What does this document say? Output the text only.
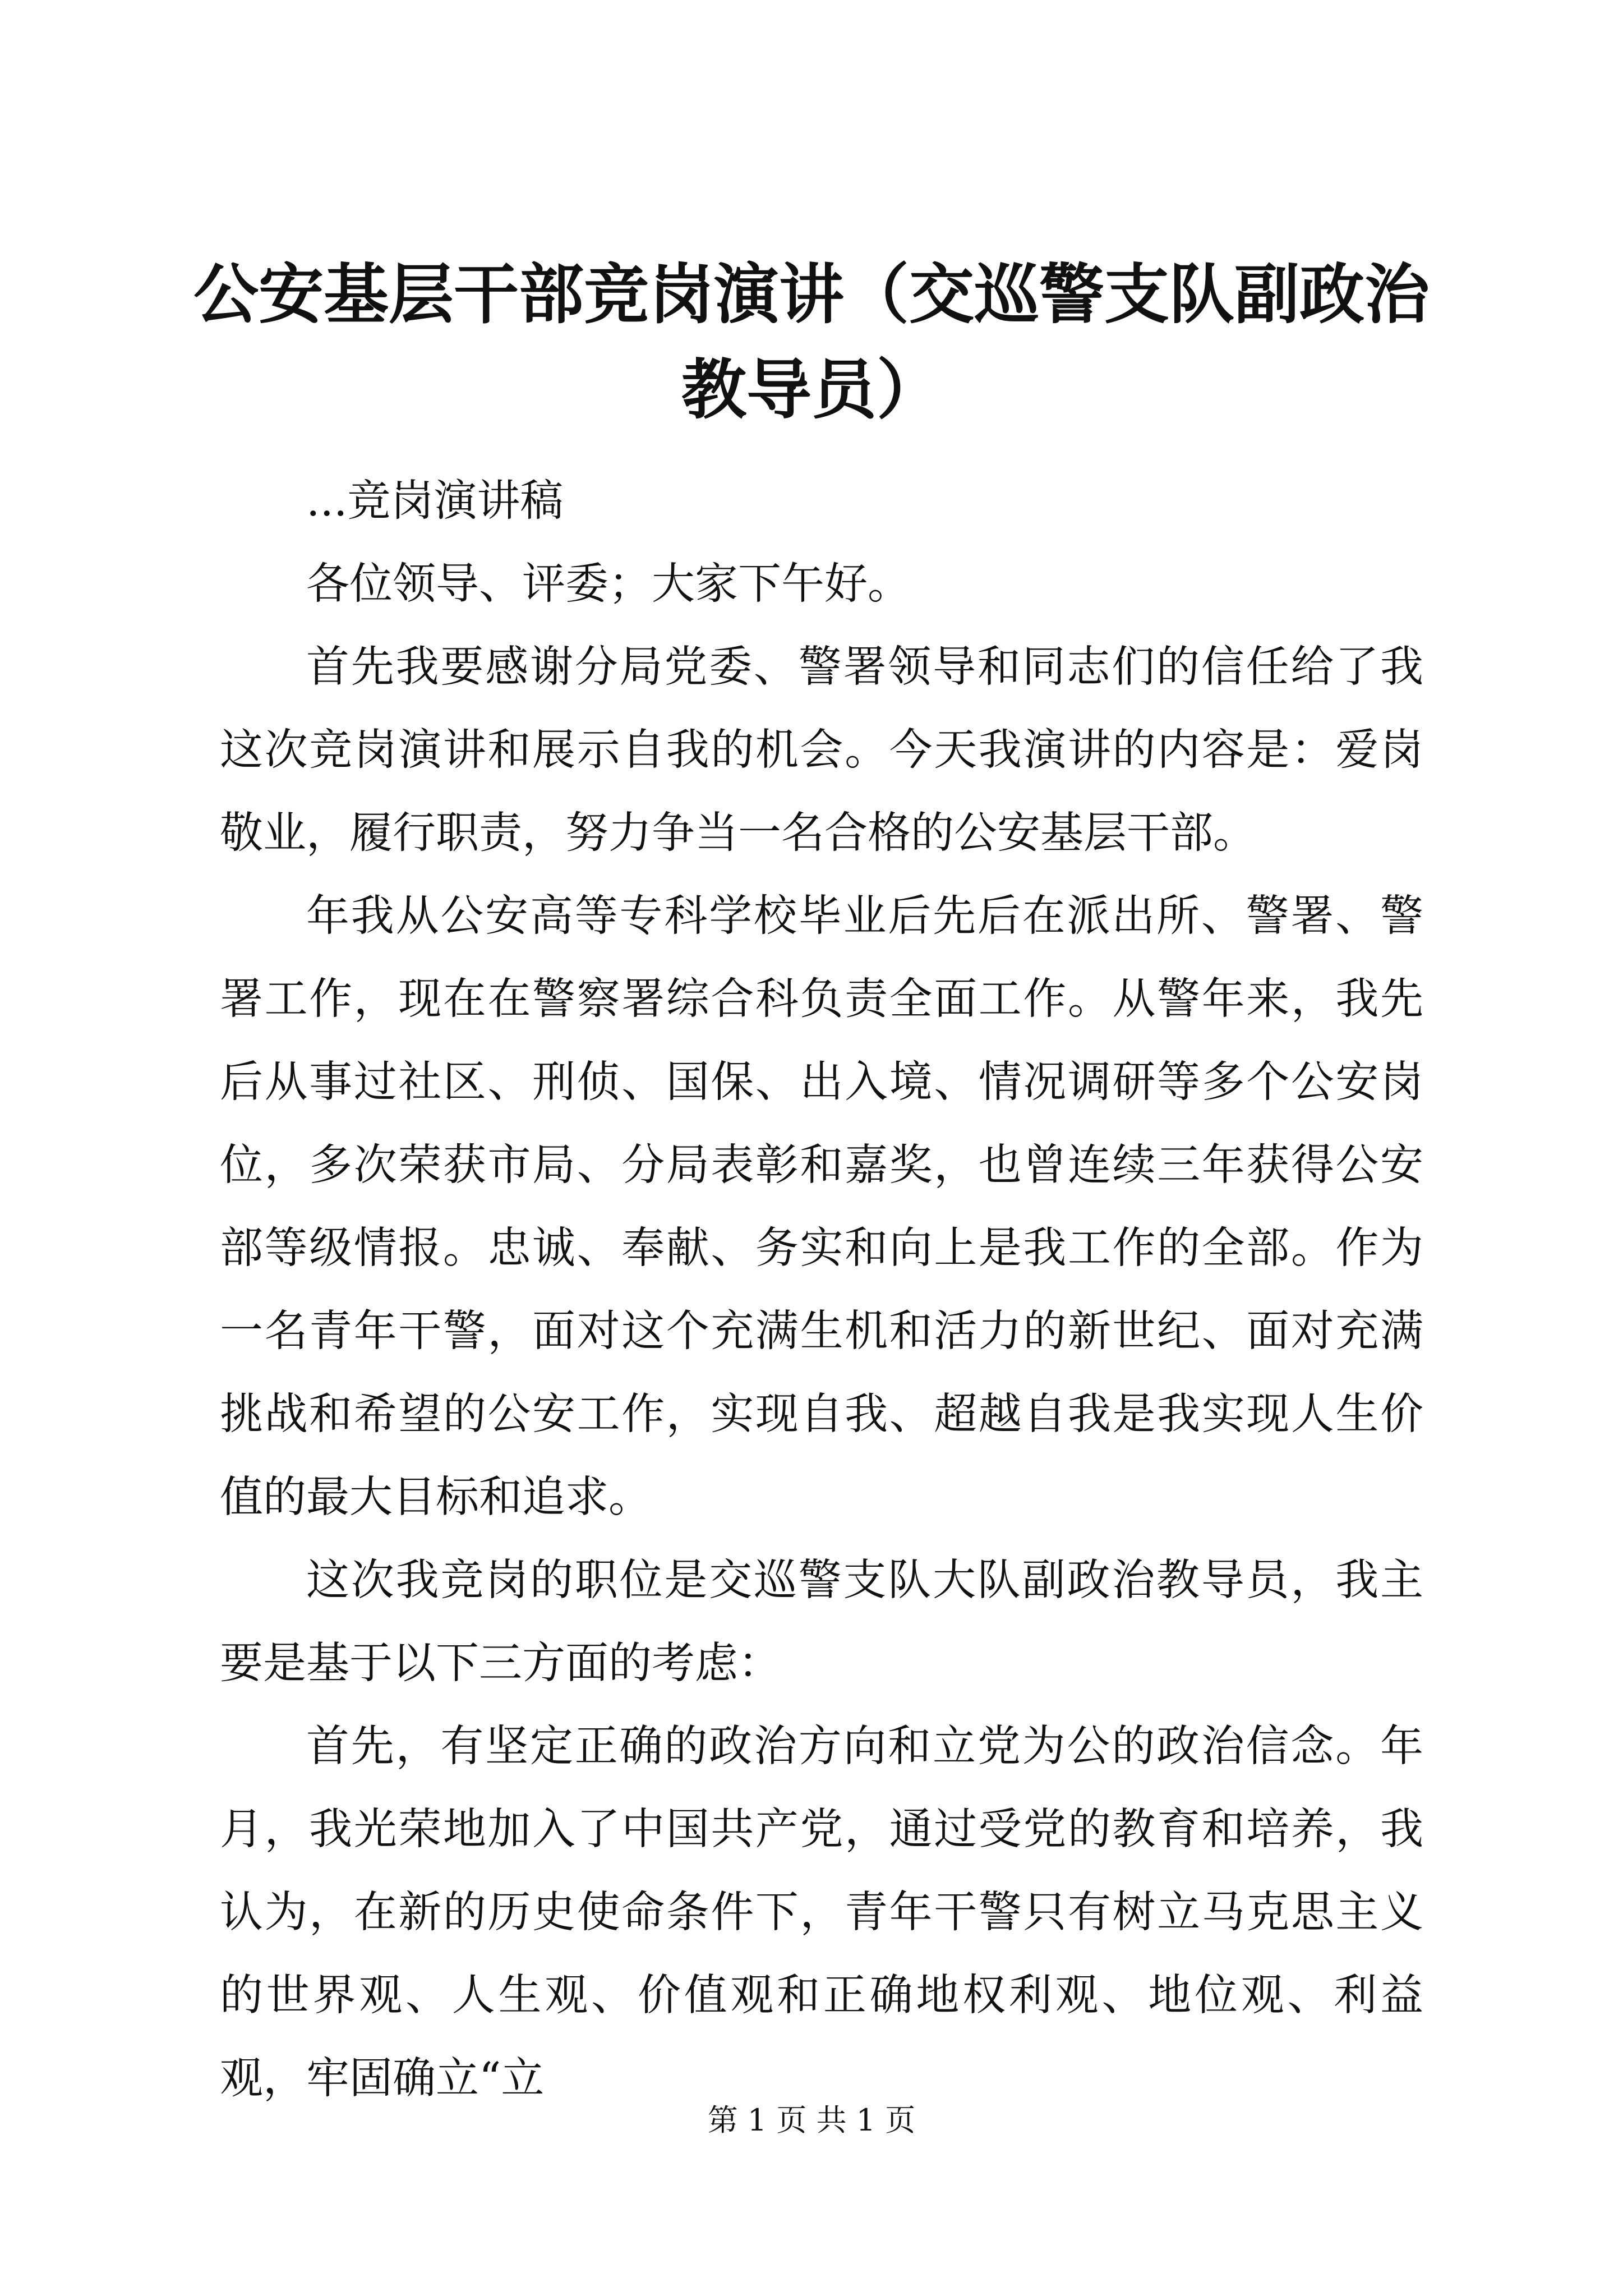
公安基层干部竞岗演讲（交巡警支队副政治教导员）

...竞岗演讲稿

各位领导、评委；大家下午好。

首先我要感谢分局党委、警署领导和同志们的信任给了我这次竞岗演讲和展示自我的机会。今天我演讲的内容是：爱岗敬业，履行职责，努力争当一名合格的公安基层干部。

年我从公安高等专科学校毕业后先后在派出所、警署、警署工作，现在在警察署综合科负责全面工作。从警年来，我先后从事过社区、刑侦、国保、出入境、情况调研等多个公安岗位，多次荣获市局、分局表彰和嘉奖，也曾连续三年获得公安部等级情报。忠诚、奉献、务实和向上是我工作的全部。作为一名青年干警，面对这个充满生机和活力的新世纪、面对充满挑战和希望的公安工作，实现自我、超越自我是我实现人生价值的最大目标和追求。

这次我竞岗的职位是交巡警支队大队副政治教导员，我主要是基于以下三方面的考虑：

首先，有坚定正确的政治方向和立党为公的政治信念。年月，我光荣地加入了中国共产党，通过受党的教育和培养，我认为，在新的历史使命条件下，青年干警只有树立马克思主义的世界观、人生观、价值观和正确地权利观、地位观、利益观，牢固确立“立

第 1 页 共 1 页
